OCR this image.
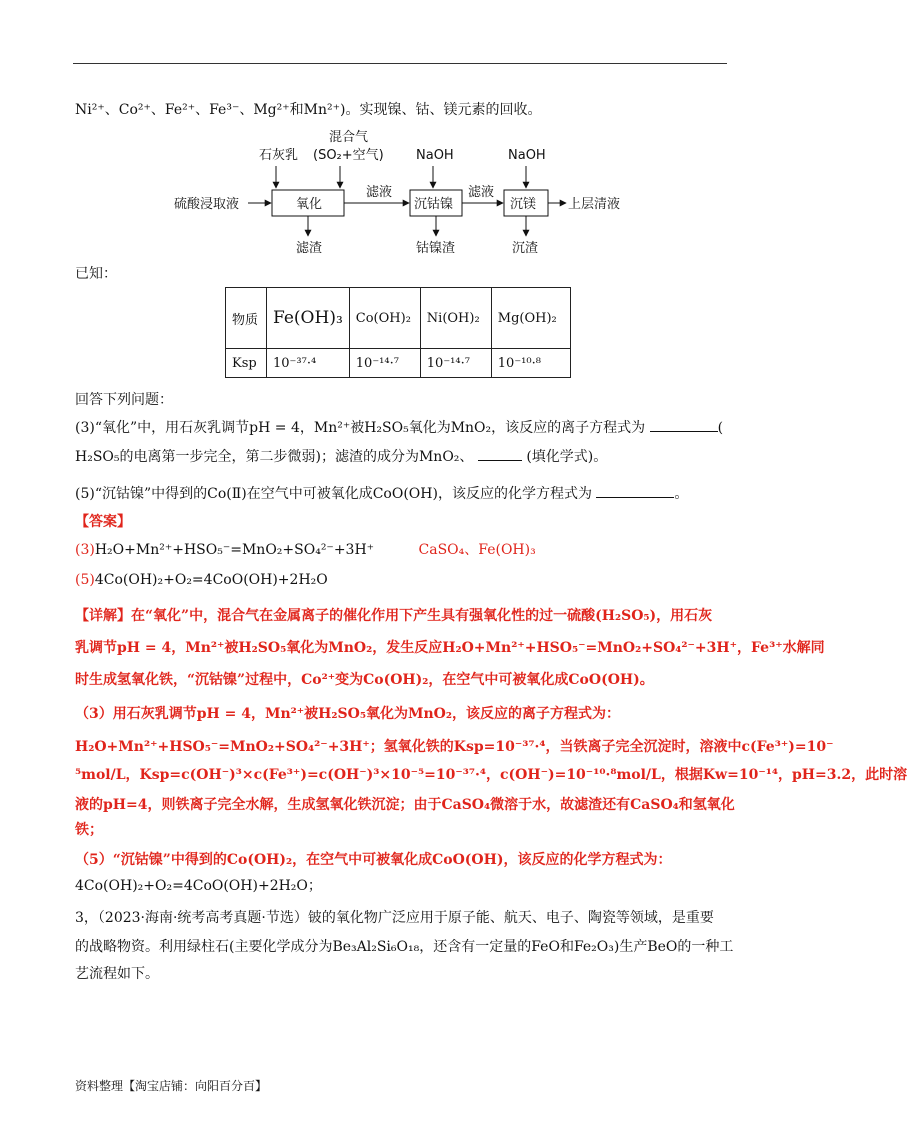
Ni²⁺、Co²⁺、Fe²⁺、Fe³⁻、Mg²⁺和Mn²⁺)。实现镍、钴、镁元素的回收。
混合气
(SO₂+空气)
石灰乳	NaOH	NaOH
硫酸浸取液	氧化
滤液
沉钴镍
滤液
沉镁 上层清液
滤渣	钴镍渣	沉渣
已知：
物质	Fe(OH)₃	Co(OH)₂	Ni(OH)₂	Mg(OH)₂
Ksp	10⁻³⁷·⁴	10⁻¹⁴·⁷	10⁻¹⁴·⁷	10⁻¹⁰·⁸
回答下列问题：
(3)“氧化”中，用石灰乳调节pH = 4，Mn²⁺被H₂SO₅氧化为MnO₂，该反应的离子方程式为	(
H₂SO₅的电离第一步完全，第二步微弱)；滤渣的成分为MnO₂、	(填化学式)。
(5)“沉钴镍”中得到的Co(Ⅱ)在空气中可被氧化成CoO(OH)，该反应的化学方程式为	。
【答案】
(3)H₂O+Mn²⁺+HSO₅⁻=MnO₂+SO₄²⁻+3H⁺	CaSO₄、Fe(OH)₃
(5)4Co(OH)₂+O₂=4CoO(OH)+2H₂O
【详解】在“氧化”中，混合气在金属离子的催化作用下产生具有强氧化性的过一硫酸(H₂SO₅)，用石灰
乳调节pH = 4，Mn²⁺被H₂SO₅氧化为MnO₂，发生反应H₂O+Mn²⁺+HSO₅⁻=MnO₂+SO₄²⁻+3H⁺，Fe³⁺水解同
时生成氢氧化铁，“沉钴镍”过程中，Co²⁺变为Co(OH)₂，在空气中可被氧化成CoO(OH)。
（3）用石灰乳调节pH = 4，Mn²⁺被H₂SO₅氧化为MnO₂，该反应的离子方程式为：
H₂O+Mn²⁺+HSO₅⁻=MnO₂+SO₄²⁻+3H⁺；氢氧化铁的Ksp=10⁻³⁷·⁴，当铁离子完全沉淀时，溶液中c(Fe³⁺)=10⁻
⁵mol/L，Ksp=c(OH⁻)³×c(Fe³⁺)=c(OH⁻)³×10⁻⁵=10⁻³⁷·⁴，c(OH⁻)=10⁻¹⁰·⁸mol/L，根据Kw=10⁻¹⁴，pH=3.2，此时溶
液的pH=4，则铁离子完全水解，生成氢氧化铁沉淀；由于CaSO₄微溶于水，故滤渣还有CaSO₄和氢氧化
铁；
（5）“沉钴镍”中得到的Co(OH)₂，在空气中可被氧化成CoO(OH)，该反应的化学方程式为：
4Co(OH)₂+O₂=4CoO(OH)+2H₂O；
3，（2023·海南·统考高考真题·节选）铍的氧化物广泛应用于原子能、航天、电子、陶瓷等领域，是重要
的战略物资。利用绿柱石(主要化学成分为Be₃Al₂Si₆O₁₈，还含有一定量的FeO和Fe₂O₃)生产BeO的一种工
艺流程如下。
资料整理【淘宝店铺：向阳百分百】
